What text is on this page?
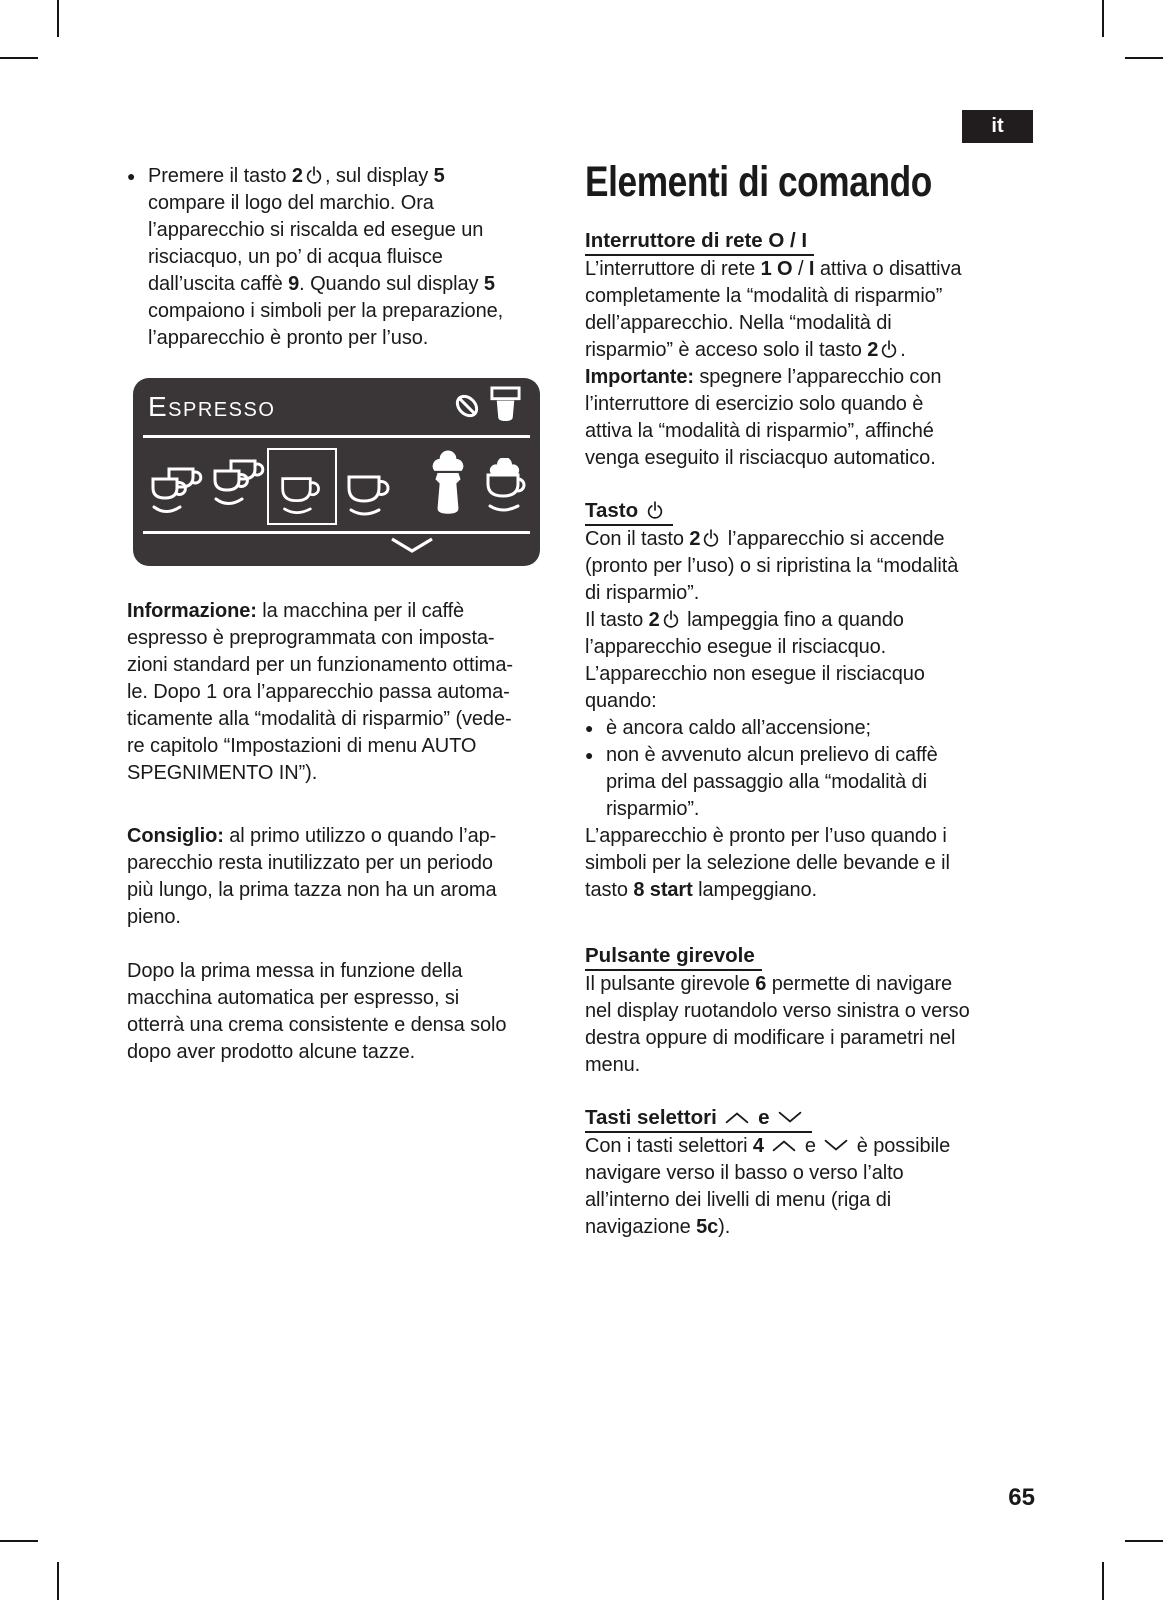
it
● Premere il tasto 2 , sul display 5
compare il logo del marchio. Ora
l’apparecchio si riscalda ed esegue un
risciacquo, un po’ di acqua fluisce
dall’uscita caffè 9. Quando sul display 5
compaiono i simboli per la preparazione,
l’apparecchio è pronto per l’uso.
Espresso

Informazione: la macchina per il caffè
espresso è preprogrammata con imposta-
zioni standard per un funzionamento ottima-
le. Dopo 1 ora l’apparecchio passa automa-
ticamente alla “modalità di risparmio” (vede-
re capitolo “Impostazioni di menu AUTO
SPEGNIMENTO IN”).

Consiglio: al primo utilizzo o quando l’ap-
parecchio resta inutilizzato per un periodo
più lungo, la prima tazza non ha un aroma
pieno.

Dopo la prima messa in funzione della
macchina automatica per espresso, si
otterrà una crema consistente e densa solo
dopo aver prodotto alcune tazze.

Elementi di comando
Interruttore di rete O / I
L’interruttore di rete 1 O / I attiva o disattiva
completamente la “modalità di risparmio”
dell’apparecchio. Nella “modalità di
risparmio” è acceso solo il tasto 2 .
Importante: spegnere l’apparecchio con
l’interruttore di esercizio solo quando è
attiva la “modalità di risparmio”, affinché
venga eseguito il risciacquo automatico.
Tasto
Con il tasto 2 l’apparecchio si accende
(pronto per l’uso) o si ripristina la “modalità
di risparmio”.
Il tasto 2 lampeggia fino a quando
l’apparecchio esegue il risciacquo.
L’apparecchio non esegue il risciacquo
quando:
● è ancora caldo all’accensione;
● non è avvenuto alcun prelievo di caffè
prima del passaggio alla “modalità di
risparmio”.
L’apparecchio è pronto per l’uso quando i
simboli per la selezione delle bevande e il
tasto 8 start lampeggiano.
Pulsante girevole
Il pulsante girevole 6 permette di navigare
nel display ruotandolo verso sinistra o verso
destra oppure di modificare i parametri nel
menu.
Tasti selettori  e
Con i tasti selettori 4  e  è possibile
navigare verso il basso o verso l’alto
all’interno dei livelli di menu (riga di
navigazione 5c).
65
